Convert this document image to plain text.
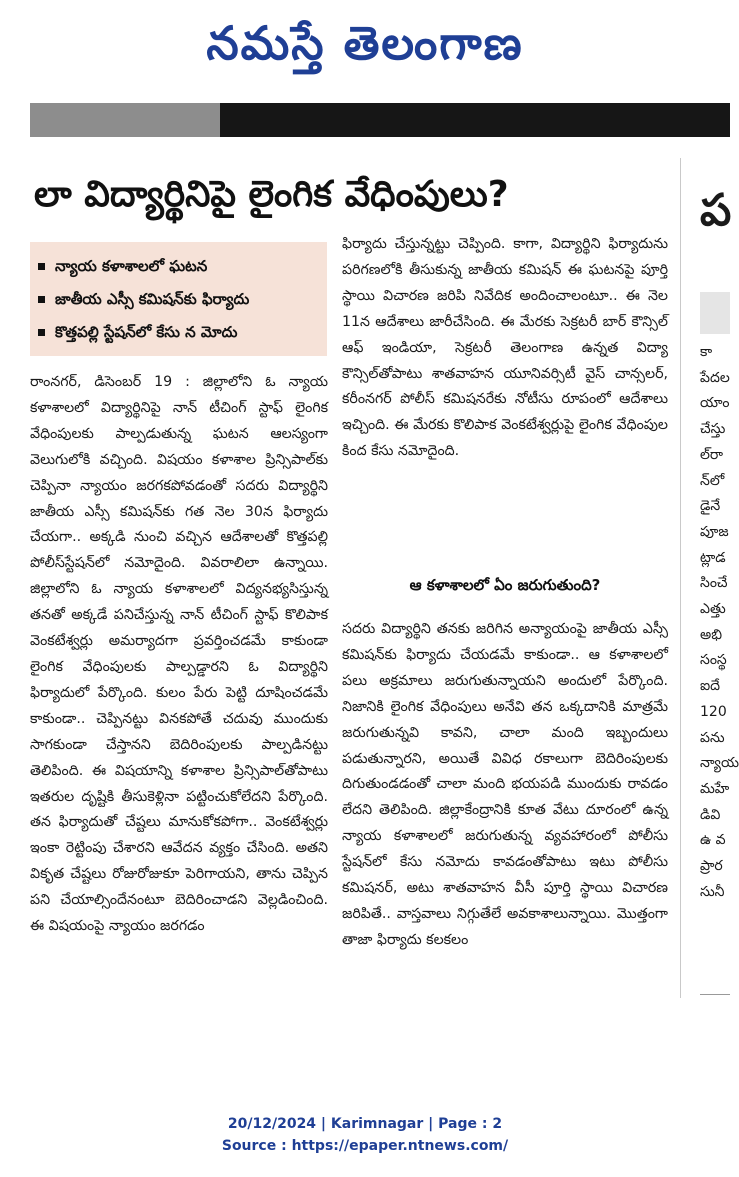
నమస్తే తెలంగాణ
లా విద్యార్థినిపై లైంగిక వేధింపులు?
న్యాయ కళాశాలలో ఘటన
జాతీయ ఎస్సీ కమిషన్‌కు ఫిర్యాదు
కొత్తపల్లి స్టేషన్‌లో కేసు న మోదు

రాంనగర్, డిసెంబర్ 19 : జిల్లాలోని ఓ న్యాయ కళాశాలలో విద్యార్థినిపై నాన్ టీచింగ్ స్టాఫ్ లైంగిక వేధింపులకు పాల్పడుతున్న ఘటన ఆలస్యంగా వెలుగులోకి వచ్చింది. విషయం కళాశాల ప్రిన్సిపాల్‌కు చెప్పినా న్యాయం జరగకపోవడంతో సదరు విద్యార్థిని జాతీయ ఎస్సీ కమిషన్‌కు గత నెల 30న ఫిర్యాదు చేయగా.. అక్కడి నుంచి వచ్చిన ఆదేశాలతో కొత్తపల్లి పోలీస్‌స్టేషన్‌లో నమోదైంది. వివరాలిలా ఉన్నాయి. జిల్లాలోని ఓ న్యాయ కళాశాలలో విద్యనభ్యసిస్తున్న తనతో అక్కడే పనిచేస్తున్న నాన్ టీచింగ్ స్టాఫ్ కొలిపాక వెంకటేశ్వర్లు అమర్యాదగా ప్రవర్తించడమే కాకుండా లైంగిక వేధింపులకు పాల్పడ్డారని ఓ విద్యార్థిని ఫిర్యాదులో పేర్కొంది. కులం పేరు పెట్టి దూషించడమే కాకుండా.. చెప్పినట్టు వినకపోతే చదువు ముందుకు సాగకుండా చేస్తానని బెదిరింపులకు పాల్పడినట్టు తెలిపింది. ఈ విషయాన్ని కళాశాల ప్రిన్సిపాల్‌తోపాటు ఇతరుల దృష్టికి తీసుకెళ్లినా పట్టించుకోలేదని పేర్కొంది. తన ఫిర్యాదుతో చేష్టలు మానుకోకపోగా.. వెంకటేశ్వర్లు ఇంకా రెట్టింపు చేశారని ఆవేదన వ్యక్తం చేసింది. అతని వికృత చేష్టలు రోజురోజుకూ పెరిగాయని, తాను చెప్పిన పని చేయాల్సిందేనంటూ బెదిరించాడని వెల్లడించింది. ఈ విషయంపై న్యాయం జరగడం

ఫిర్యాదు చేస్తున్నట్టు చెప్పింది. కాగా, విద్యార్థిని ఫిర్యాదును పరిగణలోకి తీసుకున్న జాతీయ కమిషన్ ఈ ఘటనపై పూర్తి స్థాయి విచారణ జరిపి నివేదిక అందించాలంటూ.. ఈ నెల 11న ఆదేశాలు జారీచేసింది. ఈ మేరకు సెక్రటరీ బార్ కౌన్సిల్ ఆఫ్ ఇండియా, సెక్రటరీ తెలంగాణ ఉన్నత విద్యా కౌన్సిల్‌తోపాటు శాతవాహన యూనివర్సిటీ వైస్ చాన్సలర్, కరీంనగర్ పోలీస్ కమిషనరేకు నోటీసు రూపంలో ఆదేశాలు ఇచ్చింది. ఈ మేరకు కొలిపాక వెంకటేశ్వర్లుపై లైంగిక వేధింపుల కింద కేసు నమోదైంది.

ఆ కళాశాలలో ఏం జరుగుతుంది?

సదరు విద్యార్థిని తనకు జరిగిన అన్యాయంపై జాతీయ ఎస్సీ కమిషన్‌కు ఫిర్యాదు చేయడమే కాకుండా.. ఆ కళాశాలలో పలు అక్రమాలు జరుగుతున్నాయని అందులో పేర్కొంది. నిజానికి లైంగిక వేధింపులు అనేవి తన ఒక్కదానికి మాత్రమే జరుగుతున్నవి కావని, చాలా మంది ఇబ్బందులు పడుతున్నారని, అయితే వివిధ రకాలుగా బెదిరింపులకు దిగుతుండడంతో చాలా మంది భయపడి ముందుకు రావడం లేదని తెలిపింది. జిల్లాకేంద్రానికి కూత వేటు దూరంలో ఉన్న న్యాయ కళాశాలలో జరుగుతున్న వ్యవహారంలో పోలీసు స్టేషన్‌లో కేసు నమోదు కావడంతోపాటు ఇటు పోలీసు కమిషనర్, అటు శాతవాహన వీసీ పూర్తి స్థాయి విచారణ జరిపితే.. వాస్తవాలు నిగ్గుతేలే అవకాశాలున్నాయి. మొత్తంగా తాజా ఫిర్యాదు కలకలం

ప
కా పేదల యాం చేస్తు ల్‌రా న్‌లో డైనే పూజ ట్లాడ సించే ఎత్తు అభి సంస్థ ఐదే 120 పను న్యాయ మహే డివి ఉ వ ప్రార సునీ
20/12/2024 | Karimnagar | Page : 2
Source : https://epaper.ntnews.com/
